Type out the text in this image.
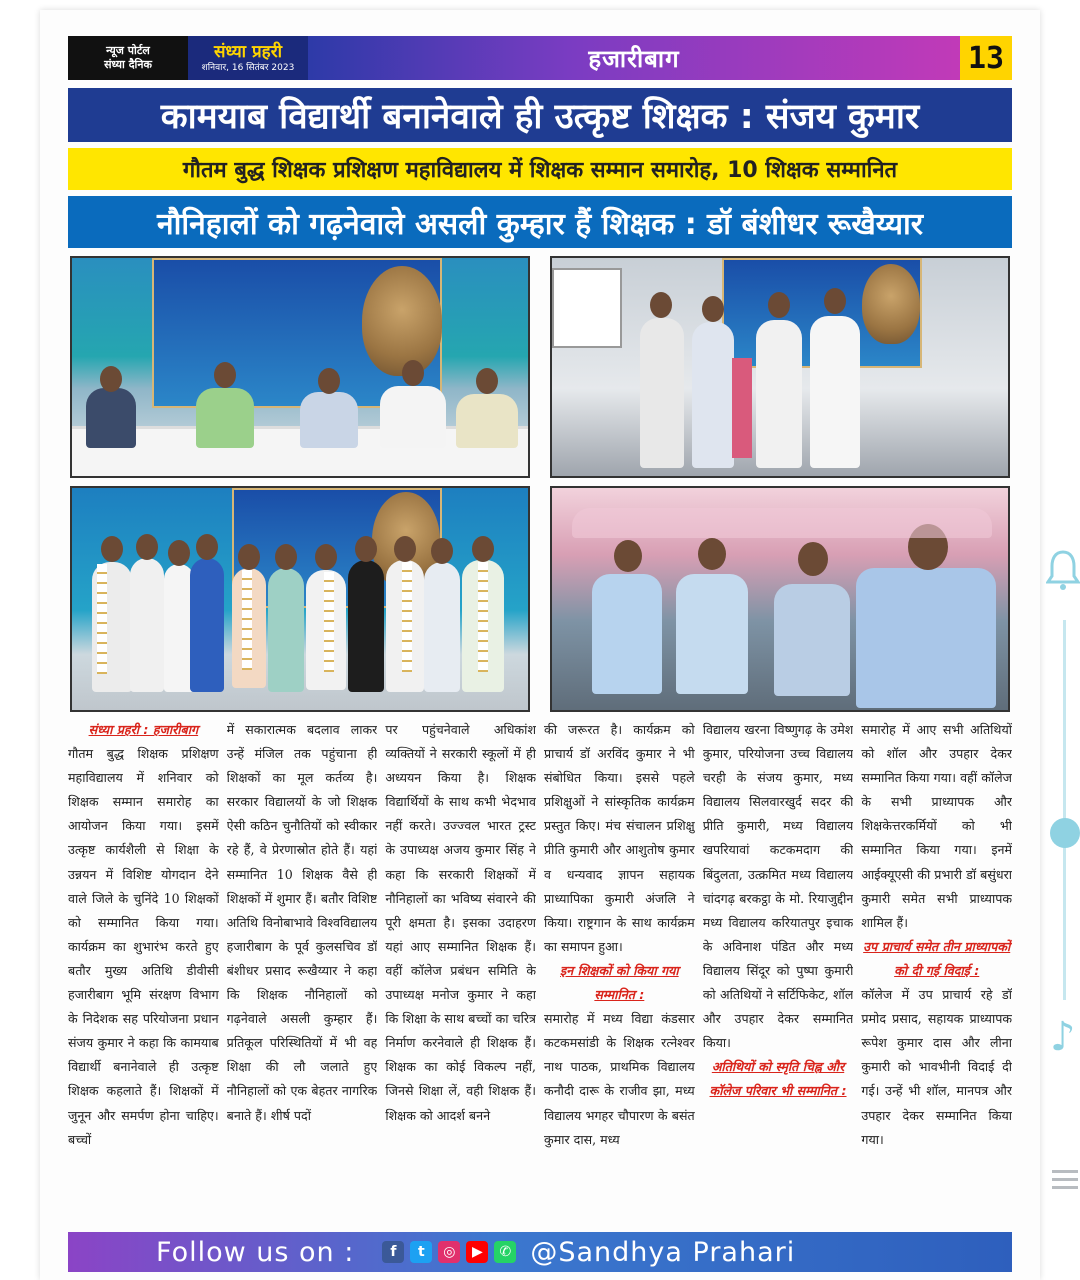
न्यूज पोर्टल
संध्या दैनिक
संध्या प्रहरी
शनिवार, 16 सितंबर 2023	हजारीबाग	13
कामयाब विद्यार्थी बनानेवाले ही उत्कृष्ट शिक्षक : संजय कुमार
गौतम बुद्ध शिक्षक प्रशिक्षण महाविद्यालय में शिक्षक सम्मान समारोह, 10 शिक्षक सम्मानित
नौनिहालों को गढ़नेवाले असली कुम्हार हैं शिक्षक : डॉ बंशीधर रूखैय्यार
संध्या प्रहरी : हजारीबाग
गौतम बुद्ध शिक्षक प्रशिक्षण महाविद्यालय में शनिवार को शिक्षक सम्मान समारोह का आयोजन किया गया। इसमें उत्कृष्ट कार्यशैली से शिक्षा के उन्नयन में विशिष्ट योगदान देने वाले जिले के चुनिंदे 10 शिक्षकों को सम्मानित किया गया। कार्यक्रम का शुभारंभ करते हुए बतौर मुख्य अतिथि डीवीसी हजारीबाग भूमि संरक्षण विभाग के निदेशक सह परियोजना प्रधान संजय कुमार ने कहा कि कामयाब विद्यार्थी बनानेवाले ही उत्कृष्ट शिक्षक कहलाते हैं। शिक्षकों में जुनून और समर्पण होना चाहिए। बच्चों
में सकारात्मक बदलाव लाकर उन्हें मंजिल तक पहुंचाना ही शिक्षकों का मूल कर्तव्य है। सरकार विद्यालयों के जो शिक्षक ऐसी कठिन चुनौतियों को स्वीकार रहे हैं, वे प्रेरणास्रोत होते हैं। यहां सम्मानित 10 शिक्षक वैसे ही शिक्षकों में शुमार हैं। बतौर विशिष्ट अतिथि विनोबाभावे विश्वविद्यालय हजारीबाग के पूर्व कुलसचिव डॉ बंशीधर प्रसाद रूखैय्यार ने कहा कि शिक्षक नौनिहालों को गढ़नेवाले असली कुम्हार हैं। प्रतिकूल परिस्थितियों में भी वह शिक्षा की लौ जलाते हुए नौनिहालों को एक बेहतर नागरिक बनाते हैं। शीर्ष पदों
पर पहुंचनेवाले अधिकांश व्यक्तियों ने सरकारी स्कूलों में ही अध्ययन किया है। शिक्षक विद्यार्थियों के साथ कभी भेदभाव नहीं करते। उज्ज्वल भारत ट्रस्ट के उपाध्यक्ष अजय कुमार सिंह ने कहा कि सरकारी शिक्षकों में नौनिहालों का भविष्य संवारने की पूरी क्षमता है। इसका उदाहरण यहां आए सम्मानित शिक्षक हैं। वहीं कॉलेज प्रबंधन समिति के उपाध्यक्ष मनोज कुमार ने कहा कि शिक्षा के साथ बच्चों का चरित्र निर्माण करनेवाले ही शिक्षक हैं। शिक्षक का कोई विकल्प नहीं, जिनसे शिक्षा लें, वही शिक्षक हैं। शिक्षक को आदर्श बनने
की जरूरत है। कार्यक्रम को प्राचार्य डॉ अरविंद कुमार ने भी संबोधित किया। इससे पहले प्रशिक्षुओं ने सांस्कृतिक कार्यक्रम प्रस्तुत किए। मंच संचालन प्रशिक्षु प्रीति कुमारी और आशुतोष कुमार व धन्यवाद ज्ञापन सहायक प्राध्यापिका कुमारी अंजलि ने किया। राष्ट्रगान के साथ कार्यक्रम का समापन हुआ।
इन शिक्षकों को किया गया सम्मानित :
समारोह में मध्य विद्या कंडसार कटकमसांडी के शिक्षक रत्नेश्वर नाथ पाठक, प्राथमिक विद्यालय कनौदी दारू के राजीव झा, मध्य विद्यालय भगहर चौपारण के बसंत कुमार दास, मध्य
विद्यालय खरना विष्णुगढ़ के उमेश कुमार, परियोजना उच्च विद्यालय चरही के संजय कुमार, मध्य विद्यालय सिलवारखुर्द सदर की प्रीति कुमारी, मध्य विद्यालय खपरियावां कटकमदाग की बिंदुलता, उत्क्रमित मध्य विद्यालय चांदगढ़ बरकट्ठा के मो. रियाजुद्दीन मध्य विद्यालय करियातपुर इचाक के अविनाश पंडित और मध्य विद्यालय सिंदूर को पुष्पा कुमारी को अतिथियों ने सर्टिफिकेट, शॉल और उपहार देकर सम्मानित किया।
अतिथियों को स्मृति चिह्न और कॉलेज परिवार भी सम्मानित :
समारोह में आए सभी अतिथियों को शॉल और उपहार देकर सम्मानित किया गया। वहीं कॉलेज के सभी प्राध्यापक और शिक्षकेत्तरकर्मियों को भी सम्मानित किया गया। इनमें आईक्यूएसी की प्रभारी डॉ बसुंधरा कुमारी समेत सभी प्राध्यापक शामिल हैं।
उप प्राचार्य समेत तीन प्राध्यापकों को दी गई विदाई :
कॉलेज में उप प्राचार्य रहे डॉ प्रमोद प्रसाद, सहायक प्राध्यापक रूपेश कुमार दास और लीना कुमारी को भावभीनी विदाई दी गई। उन्हें भी शॉल, मानपत्र और उपहार देकर सम्मानित किया गया।
Follow us on :	f	t	◎	▶	✆ @Sandhya Prahari
♪
